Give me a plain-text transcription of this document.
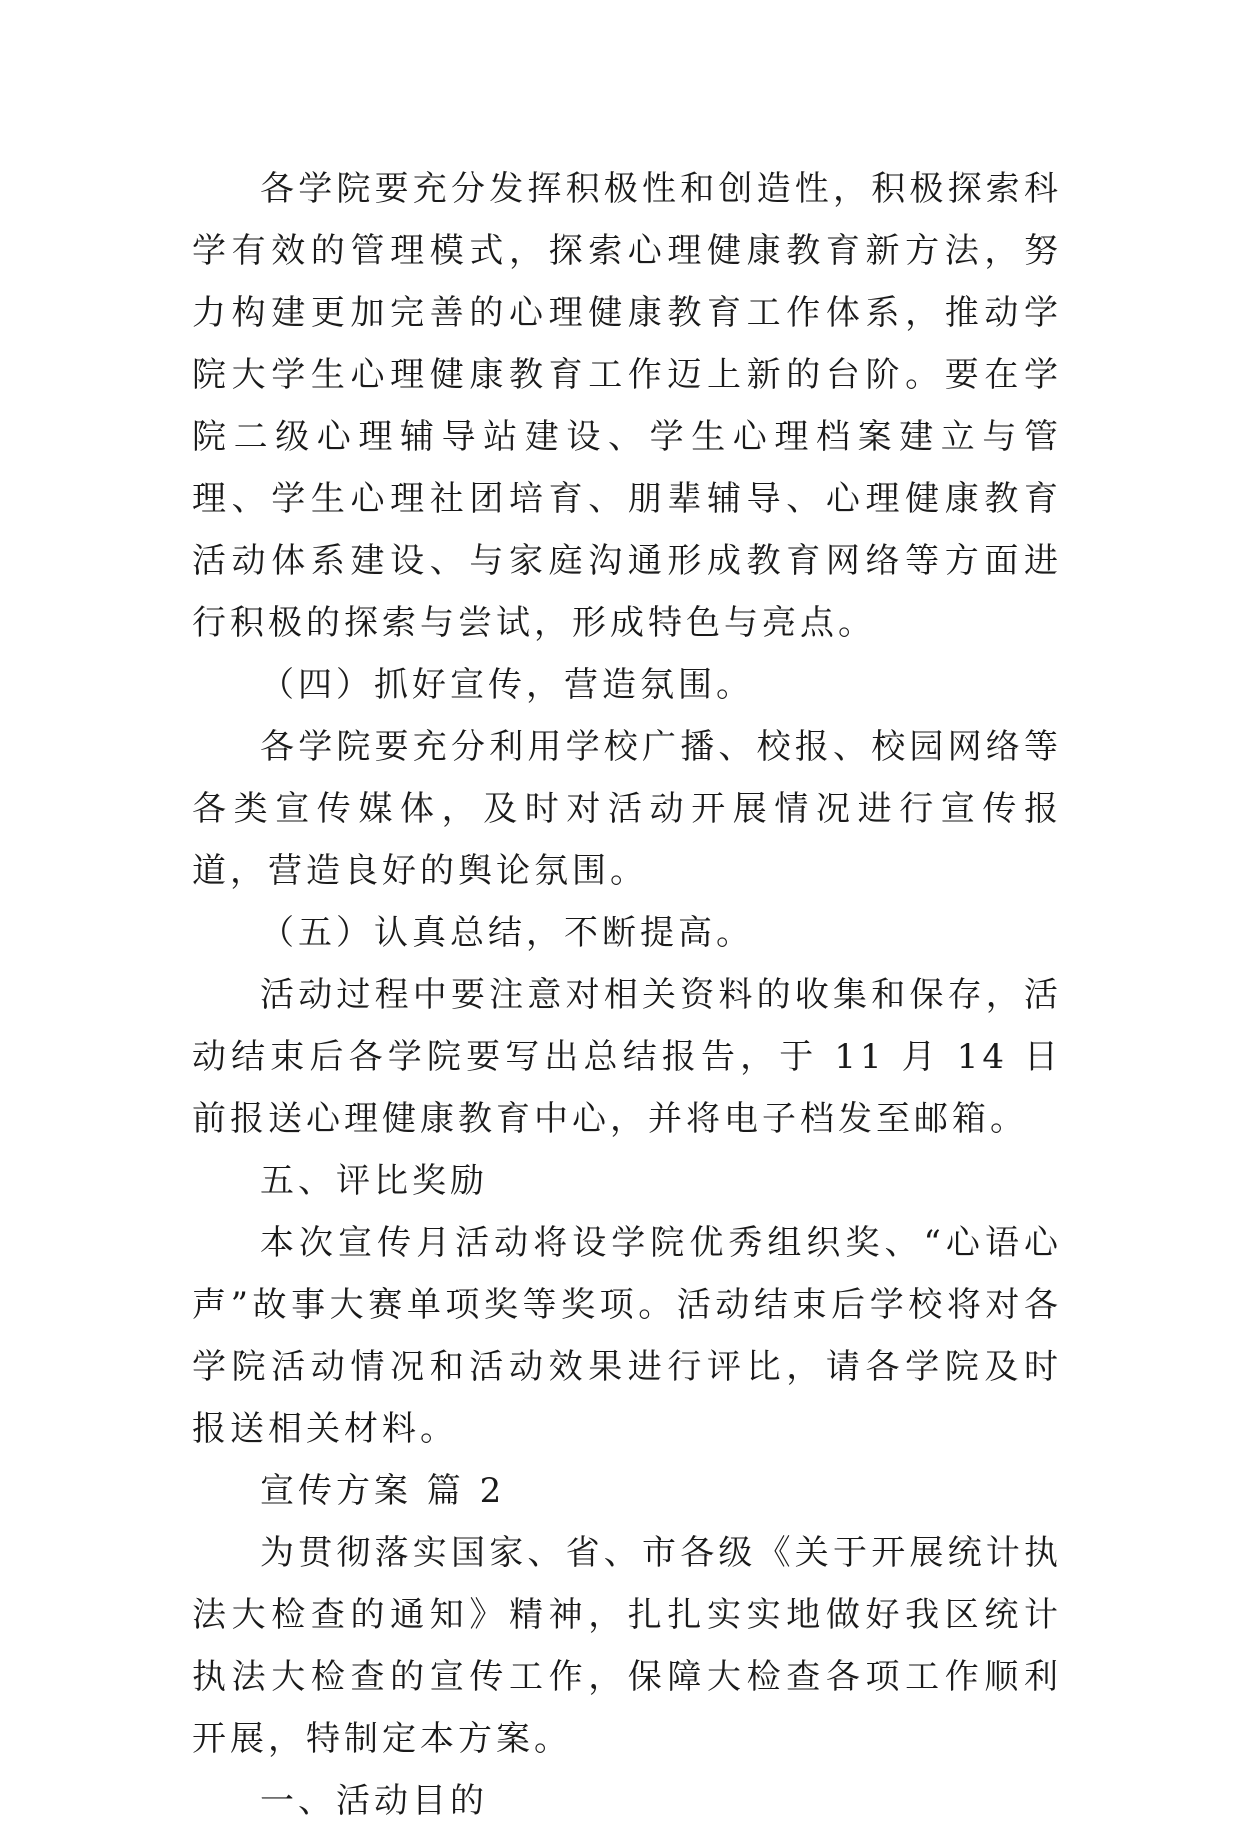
各学院要充分发挥积极性和创造性，积极探索科学有效的管理模式，探索心理健康教育新方法，努力构建更加完善的心理健康教育工作体系，推动学院大学生心理健康教育工作迈上新的台阶。要在学院二级心理辅导站建设、学生心理档案建立与管理、学生心理社团培育、朋辈辅导、心理健康教育活动体系建设、与家庭沟通形成教育网络等方面进行积极的探索与尝试，形成特色与亮点。

（四）抓好宣传，营造氛围。

各学院要充分利用学校广播、校报、校园网络等各类宣传媒体，及时对活动开展情况进行宣传报道，营造良好的舆论氛围。

（五）认真总结，不断提高。

活动过程中要注意对相关资料的收集和保存，活动结束后各学院要写出总结报告，于 11 月 14 日前报送心理健康教育中心，并将电子档发至邮箱。

五、评比奖励

本次宣传月活动将设学院优秀组织奖、“心语心声”故事大赛单项奖等奖项。活动结束后学校将对各学院活动情况和活动效果进行评比，请各学院及时报送相关材料。

宣传方案 篇 2

为贯彻落实国家、省、市各级《关于开展统计执法大检查的通知》精神，扎扎实实地做好我区统计执法大检查的宣传工作，保障大检查各项工作顺利开展，特制定本方案。

一、活动目的
